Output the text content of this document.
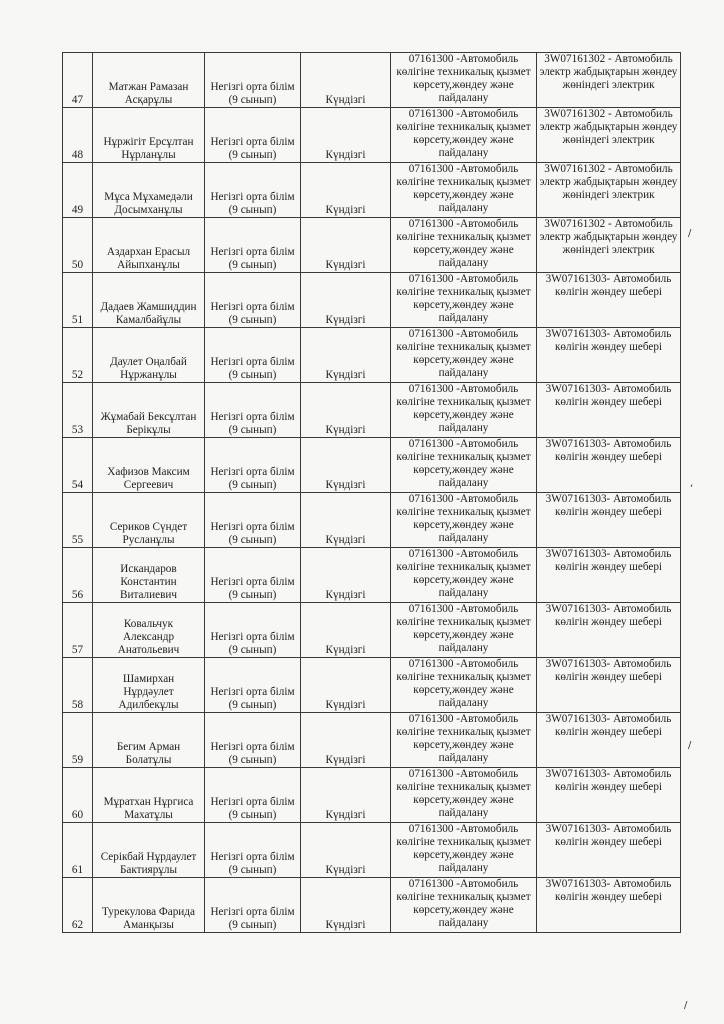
47	Матжан Рамазан
Асқарұлы	Негізгі орта білім
(9 сынып)	Күндізгі	07161300 -Автомобиль
көлігіне техникалық қызмет
көрсету,жөндеу және
пайдалану	3W07161302 - Автомобиль
электр жабдықтарын жөндеу
жөніндегі электрик

48	Нұржігіт Ерсұлтан
Нұрланұлы	Негізгі орта білім
(9 сынып)	Күндізгі	07161300 -Автомобиль
көлігіне техникалық қызмет
көрсету,жөндеу және
пайдалану	3W07161302 - Автомобиль
электр жабдықтарын жөндеу
жөніндегі электрик

49	Мұса Мұхамедәли
Досымханұлы	Негізгі орта білім
(9 сынып)	Күндізгі	07161300 -Автомобиль
көлігіне техникалық қызмет
көрсету,жөндеу және
пайдалану	3W07161302 - Автомобиль
электр жабдықтарын жөндеу
жөніндегі электрик

50	Аздархан Ерасыл
Айыпханұлы	Негізгі орта білім
(9 сынып)	Күндізгі	07161300 -Автомобиль
көлігіне техникалық қызмет
көрсету,жөндеу және
пайдалану	3W07161302 - Автомобиль
электр жабдықтарын жөндеу
жөніндегі электрик

51	Дадаев Жамшиддин
Камалбайұлы	Негізгі орта білім
(9 сынып)	Күндізгі	07161300 -Автомобиль
көлігіне техникалық қызмет
көрсету,жөндеу және
пайдалану	3W07161303- Автомобиль
көлігін жөндеу шебері

52	Даулет Оңалбай
Нұржанұлы	Негізгі орта білім
(9 сынып)	Күндізгі	07161300 -Автомобиль
көлігіне техникалық қызмет
көрсету,жөндеу және
пайдалану	3W07161303- Автомобиль
көлігін жөндеу шебері

53	Жұмабай Бексұлтан
Берікұлы	Негізгі орта білім
(9 сынып)	Күндізгі	07161300 -Автомобиль
көлігіне техникалық қызмет
көрсету,жөндеу және
пайдалану	3W07161303- Автомобиль
көлігін жөндеу шебері

54	Хафизов Максим
Сергеевич	Негізгі орта білім
(9 сынып)	Күндізгі	07161300 -Автомобиль
көлігіне техникалық қызмет
көрсету,жөндеу және
пайдалану	3W07161303- Автомобиль
көлігін жөндеу шебері

55	Сериков Сүндет
Русланұлы	Негізгі орта білім
(9 сынып)	Күндізгі	07161300 -Автомобиль
көлігіне техникалық қызмет
көрсету,жөндеу және
пайдалану	3W07161303- Автомобиль
көлігін жөндеу шебері

56	Искандаров
Константин
Виталиевич	Негізгі орта білім
(9 сынып)	Күндізгі	07161300 -Автомобиль
көлігіне техникалық қызмет
көрсету,жөндеу және
пайдалану	3W07161303- Автомобиль
көлігін жөндеу шебері

57	Ковальчук
Александр
Анатольевич	Негізгі орта білім
(9 сынып)	Күндізгі	07161300 -Автомобиль
көлігіне техникалық қызмет
көрсету,жөндеу және
пайдалану	3W07161303- Автомобиль
көлігін жөндеу шебері

58	Шамирхан
Нұрдәулет
Адилбекұлы	Негізгі орта білім
(9 сынып)	Күндізгі	07161300 -Автомобиль
көлігіне техникалық қызмет
көрсету,жөндеу және
пайдалану	3W07161303- Автомобиль
көлігін жөндеу шебері

59	Бегим Арман
Болатұлы	Негізгі орта білім
(9 сынып)	Күндізгі	07161300 -Автомобиль
көлігіне техникалық қызмет
көрсету,жөндеу және
пайдалану	3W07161303- Автомобиль
көлігін жөндеу шебері

60	Мұратхан Нұргиса
Махатұлы	Негізгі орта білім
(9 сынып)	Күндізгі	07161300 -Автомобиль
көлігіне техникалық қызмет
көрсету,жөндеу және
пайдалану	3W07161303- Автомобиль
көлігін жөндеу шебері

61	Серікбай Нұрдаулет
Бактиярұлы	Негізгі орта білім
(9 сынып)	Күндізгі	07161300 -Автомобиль
көлігіне техникалық қызмет
көрсету,жөндеу және
пайдалану	3W07161303- Автомобиль
көлігін жөндеу шебері

62	Турекулова Фарида
Аманқызы	Негізгі орта білім
(9 сынып)	Күндізгі	07161300 -Автомобиль
көлігіне техникалық қызмет
көрсету,жөндеу және
пайдалану	3W07161303- Автомобиль
көлігін жөндеу шебері
/
,
/
/
